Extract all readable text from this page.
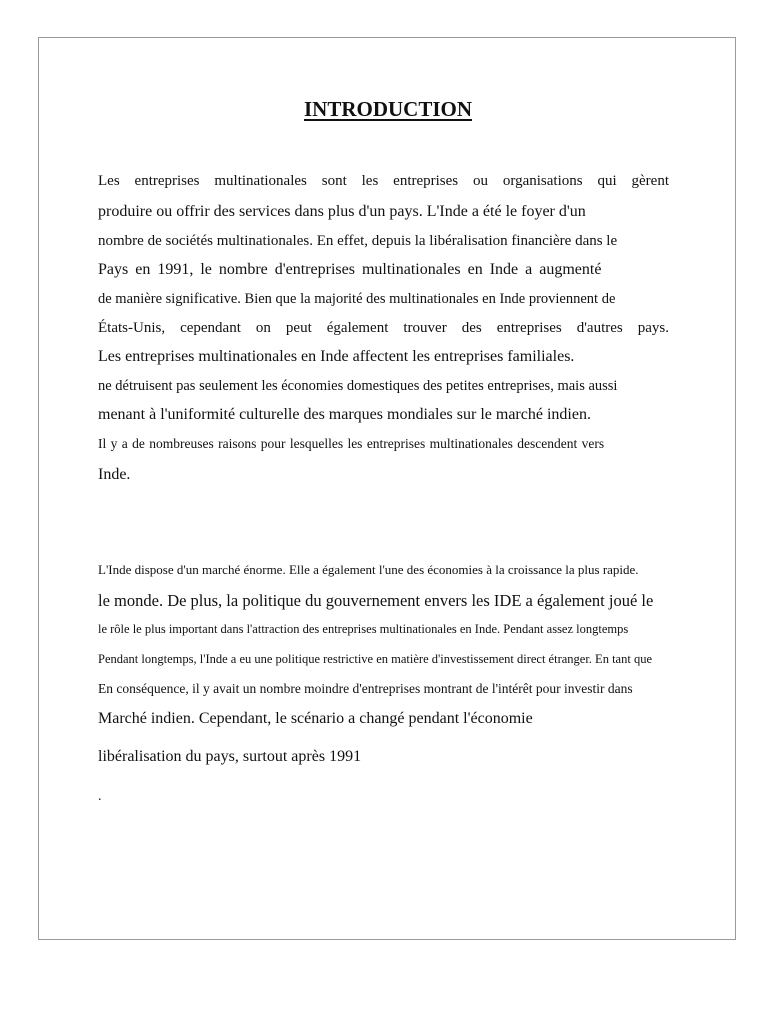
INTRODUCTION
Les entreprises multinationales sont les entreprises ou organisations qui gèrent
produire ou offrir des services dans plus d'un pays. L'Inde a été le foyer d'un
nombre de sociétés multinationales. En effet, depuis la libéralisation financière dans le
Pays en 1991, le nombre d'entreprises multinationales en Inde a augmenté
de manière significative. Bien que la majorité des multinationales en Inde proviennent de
États-Unis, cependant on peut également trouver des entreprises d'autres pays.
Les entreprises multinationales en Inde affectent les entreprises familiales.
ne détruisent pas seulement les économies domestiques des petites entreprises, mais aussi
menant à l'uniformité culturelle des marques mondiales sur le marché indien.
Il y a de nombreuses raisons pour lesquelles les entreprises multinationales descendent vers
Inde.
L'Inde dispose d'un marché énorme. Elle a également l'une des économies à la croissance la plus rapide.
le monde. De plus, la politique du gouvernement envers les IDE a également joué le
le rôle le plus important dans l'attraction des entreprises multinationales en Inde. Pendant assez longtemps
Pendant longtemps, l'Inde a eu une politique restrictive en matière d'investissement direct étranger. En tant que
En conséquence, il y avait un nombre moindre d'entreprises montrant de l'intérêt pour investir dans
Marché indien. Cependant, le scénario a changé pendant l'économie
libéralisation du pays, surtout après 1991
.
